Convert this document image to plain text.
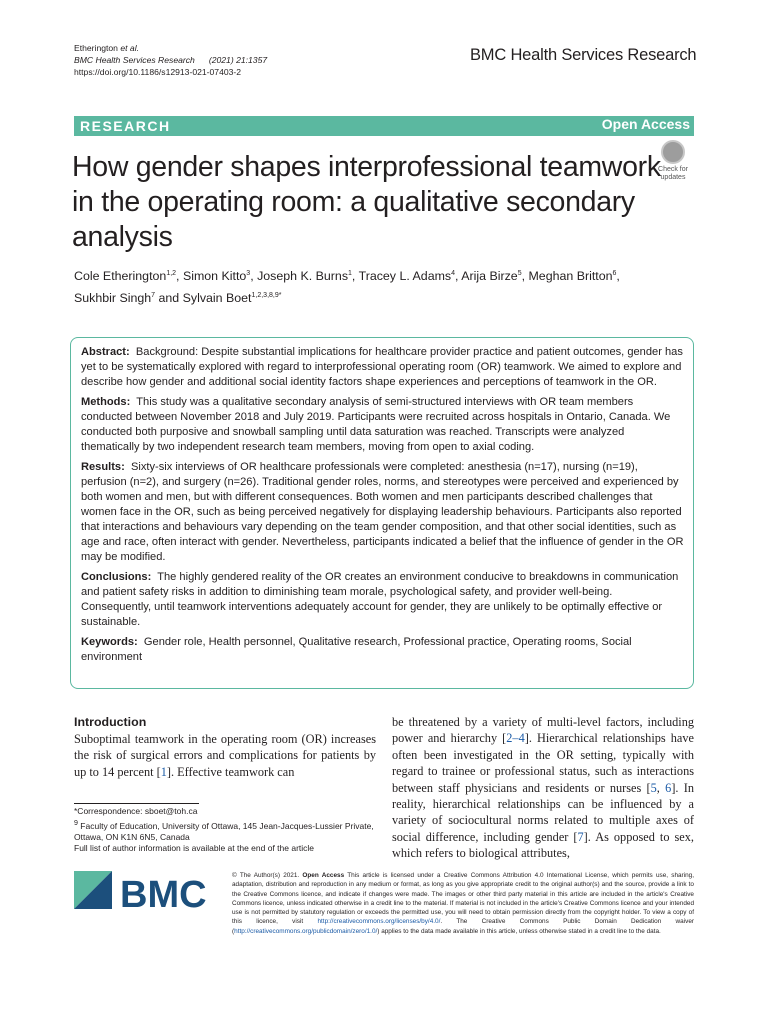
Etherington et al.
BMC Health Services Research (2021) 21:1357
https://doi.org/10.1186/s12913-021-07403-2
BMC Health Services Research
RESEARCH	Open Access
How gender shapes interprofessional teamwork in the operating room: a qualitative secondary analysis
Check for
updates
Cole Etherington$^{1,2}$, Simon Kitto$^3$, Joseph K. Burns$^1$, Tracey L. Adams$^4$, Arija Birze$^5$, Meghan Britton$^6$,
Sukhbir Singh$^7$ and Sylvain Boet$^{1,2,3,8,9*}$

Abstract: Background: Despite substantial implications for healthcare provider practice and patient outcomes, gender has yet to be systematically explored with regard to interprofessional operating room (OR) teamwork. We aimed to explore and describe how gender and additional social identity factors shape experiences and perceptions of teamwork in the OR.

Methods: This study was a qualitative secondary analysis of semi-structured interviews with OR team members conducted between November 2018 and July 2019. Participants were recruited across hospitals in Ontario, Canada. We conducted both purposive and snowball sampling until data saturation was reached. Transcripts were analyzed thematically by two independent research team members, moving from open to axial coding.

Results: Sixty-six interviews of OR healthcare professionals were completed: anesthesia (n=17), nursing (n=19), perfusion (n=2), and surgery (n=26). Traditional gender roles, norms, and stereotypes were perceived and experienced by both women and men, but with different consequences. Both women and men participants described challenges that women face in the OR, such as being perceived negatively for displaying leadership behaviours. Participants also reported that interactions and behaviours vary depending on the team gender composition, and that other social identities, such as age and race, often interact with gender. Nevertheless, participants indicated a belief that the influence of gender in the OR may be modified.

Conclusions: The highly gendered reality of the OR creates an environment conducive to breakdowns in communication and patient safety risks in addition to diminishing team morale, psychological safety, and provider well-being. Consequently, until teamwork interventions adequately account for gender, they are unlikely to be optimally effective or sustainable.

Keywords: Gender role, Health personnel, Qualitative research, Professional practice, Operating rooms, Social environment

Introduction

Suboptimal teamwork in the operating room (OR) increases the risk of surgical errors and complications for patients by up to 14 percent [1]. Effective teamwork can

be threatened by a variety of multi-level factors, including power and hierarchy [2–4]. Hierarchical relationships have often been investigated in the OR setting, typically with regard to trainee or professional status, such as interactions between staff physicians and residents or nurses [5, 6]. In reality, hierarchical relationships can be influenced by a variety of sociocultural norms related to multiple axes of social difference, including gender [7]. As opposed to sex, which refers to biological attributes,

*Correspondence: sboet@toh.ca
$^9$ Faculty of Education, University of Ottawa, 145 Jean-Jacques-Lussier Private, Ottawa, ON K1N 6N5, Canada
Full list of author information is available at the end of the article
BMC	© The Author(s) 2021. Open Access This article is licensed under a Creative Commons Attribution 4.0 International License, which permits use, sharing, adaptation, distribution and reproduction in any medium or format, as long as you give appropriate credit to the original author(s) and the source, provide a link to the Creative Commons licence, and indicate if changes were made. The images or other third party material in this article are included in the article's Creative Commons licence, unless indicated otherwise in a credit line to the material. If material is not included in the article's Creative Commons licence and your intended use is not permitted by statutory regulation or exceeds the permitted use, you will need to obtain permission directly from the copyright holder. To view a copy of this licence, visit http://creativecommons.org/licenses/by/4.0/. The Creative Commons Public Domain Dedication waiver (http://creativecommons.org/publicdomain/zero/1.0/) applies to the data made available in this article, unless otherwise stated in a credit line to the data.
